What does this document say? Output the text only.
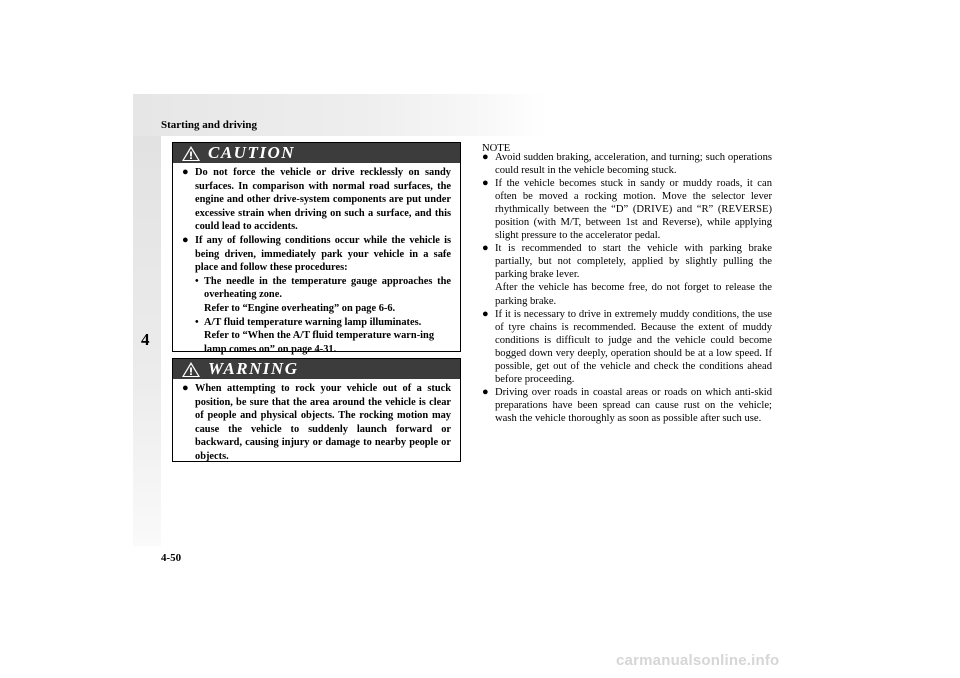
Starting and driving
4
4-50
CAUTION
● Do not force the vehicle or drive recklessly on sandy surfaces. In comparison with normal road surfaces, the engine and other drive-system components are put under excessive strain when driving on such a surface, and this could lead to accidents.
● If any of following conditions occur while the vehicle is being driven, immediately park your vehicle in a safe place and follow these procedures:
• The needle in the temperature gauge approaches the overheating zone.
Refer to “Engine overheating” on page 6-6.
• A/T fluid temperature warning lamp illuminates.
Refer to “When the A/T fluid temperature warn-ing lamp comes on” on page 4-31.
WARNING
● When attempting to rock your vehicle out of a stuck position, be sure that the area around the vehicle is clear of people and physical objects. The rocking motion may cause the vehicle to suddenly launch forward or backward, causing injury or damage to nearby people or objects.
NOTE
● Avoid sudden braking, acceleration, and turning; such operations could result in the vehicle becoming stuck.
● If the vehicle becomes stuck in sandy or muddy roads, it can often be moved a rocking motion. Move the selector lever rhythmically between the “D” (DRIVE) and “R” (REVERSE) position (with M/T, between 1st and Reverse), while applying slight pressure to the accelerator pedal.
● It is recommended to start the vehicle with parking brake partially, but not completely, applied by slightly pulling the parking brake lever.
After the vehicle has become free, do not forget to release the parking brake.
● If it is necessary to drive in extremely muddy conditions, the use of tyre chains is recommended. Because the extent of muddy conditions is difficult to judge and the vehicle could become bogged down very deeply, operation should be at a low speed. If possible, get out of the vehicle and check the conditions ahead before proceeding.
● Driving over roads in coastal areas or roads on which anti-skid preparations have been spread can cause rust on the vehicle; wash the vehicle thoroughly as soon as possible after such use.
carmanualsonline.info
